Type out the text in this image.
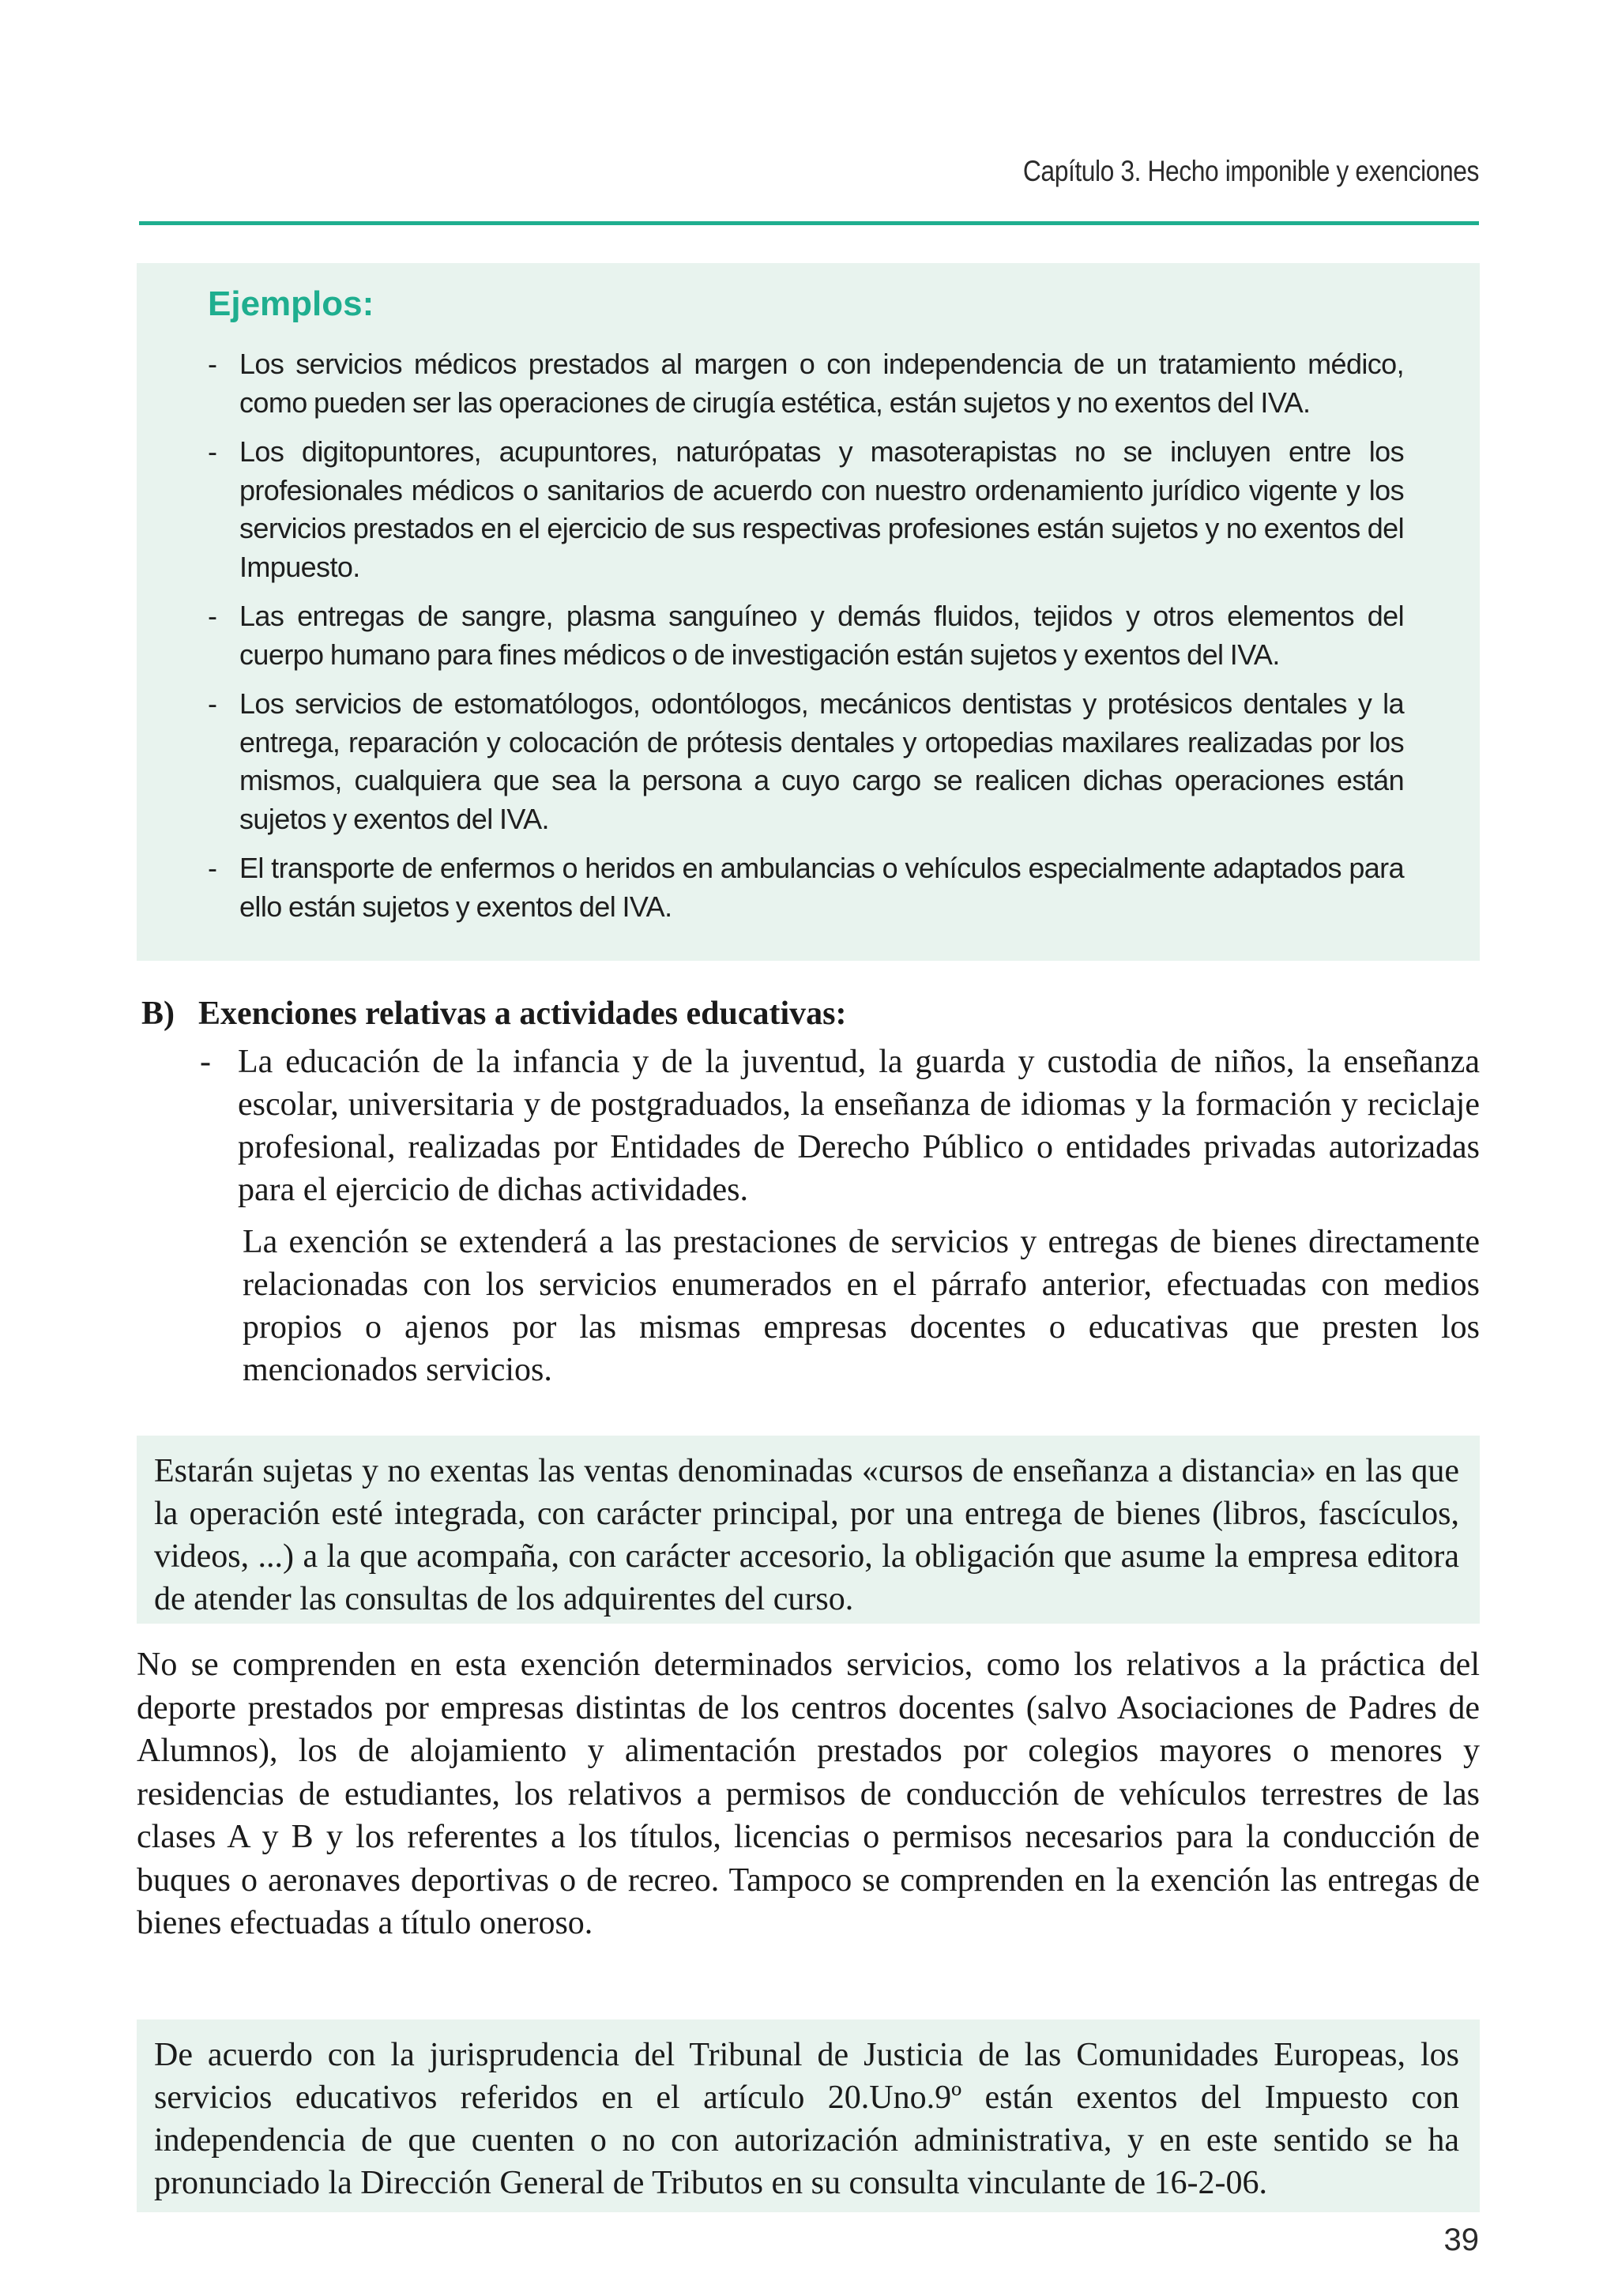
Capítulo 3. Hecho imponible y exenciones
Ejemplos:
- Los servicios médicos prestados al margen o con independencia de un tratamiento médico, como pueden ser las operaciones de cirugía estética, están sujetos y no exentos del IVA.
- Los digitopuntores, acupuntores, naturópatas y masoterapistas no se incluyen entre los profesionales médicos o sanitarios de acuerdo con nuestro ordenamiento jurídico vigente y los servicios prestados en el ejercicio de sus respectivas profesiones están sujetos y no exentos del Impuesto.
- Las entregas de sangre, plasma sanguíneo y demás fluidos, tejidos y otros elementos del cuerpo humano para fines médicos o de investigación están sujetos y exentos del IVA.
- Los servicios de estomatólogos, odontólogos, mecánicos dentistas y protésicos dentales y la entrega, reparación y colocación de prótesis dentales y ortopedias maxilares realizadas por los mismos, cualquiera que sea la persona a cuyo cargo se realicen dichas operaciones están sujetos y exentos del IVA.
- El transporte de enfermos o heridos en ambulancias o vehículos especialmente adaptados para ello están sujetos y exentos del IVA.
B) Exenciones relativas a actividades educativas:

- La educación de la infancia y de la juventud, la guarda y custodia de niños, la enseñanza escolar, universitaria y de postgraduados, la enseñanza de idiomas y la formación y reciclaje profesional, realizadas por Entidades de Derecho Público o entidades privadas autorizadas para el ejercicio de dichas actividades.

La exención se extenderá a las prestaciones de servicios y entregas de bienes directamente relacionadas con los servicios enumerados en el párrafo anterior, efectuadas con medios propios o ajenos por las mismas empresas docentes o educativas que presten los mencionados servicios.

Estarán sujetas y no exentas las ventas denominadas «cursos de enseñanza a distancia» en las que la operación esté integrada, con carácter principal, por una entrega de bienes (libros, fascículos, videos, ...) a la que acompaña, con carácter accesorio, la obligación que asume la empresa editora de atender las consultas de los adquirentes del curso.

No se comprenden en esta exención determinados servicios, como los relativos a la práctica del deporte prestados por empresas distintas de los centros docentes (salvo Asociaciones de Padres de Alumnos), los de alojamiento y alimentación prestados por colegios mayores o menores y residencias de estudiantes, los relativos a permisos de conducción de vehículos terrestres de las clases A y B y los referentes a los títulos, licencias o permisos necesarios para la conducción de buques o aeronaves deportivas o de recreo. Tampoco se comprenden en la exención las entregas de bienes efectuadas a título oneroso.

De acuerdo con la jurisprudencia del Tribunal de Justicia de las Comunidades Europeas, los servicios educativos referidos en el artículo 20.Uno.9º están exentos del Impuesto con independencia de que cuenten o no con autorización administrativa, y en este sentido se ha pronunciado la Dirección General de Tributos en su consulta vinculante de 16-2-06.
39
